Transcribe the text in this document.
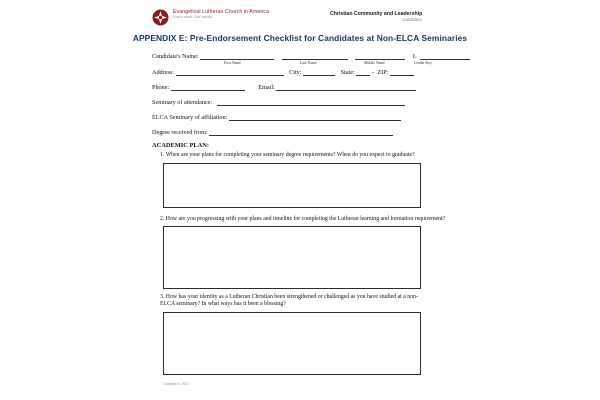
Evangelical Lutheran Church in America
God's work. Our hands.
Christian Community and Leadership
Candidacy
APPENDIX E: Pre-Endorsement Checklist for Candidates at Non-ELCA Seminaries
Candidate's Name:	L
First Name	Last Name	Middle Name	Leader Key
Address:	City:	State:	- ZIP:
Phone:	Email:
Seminary of attendance:
ELCA Seminary of affiliation:
Degree received from:
ACADEMIC PLAN:
1. When are your plans for completing your seminary degree requirements? When do you expect to graduate?
2. How are you progressing with your plans and timeline for completing the Lutheran learning and formation requirement?
3. How has your identity as a Lutheran Christian been strengthened or challenged as you have studied at a non-ELCA seminary? In what ways has it been a blessing?
Candidacy 2021
